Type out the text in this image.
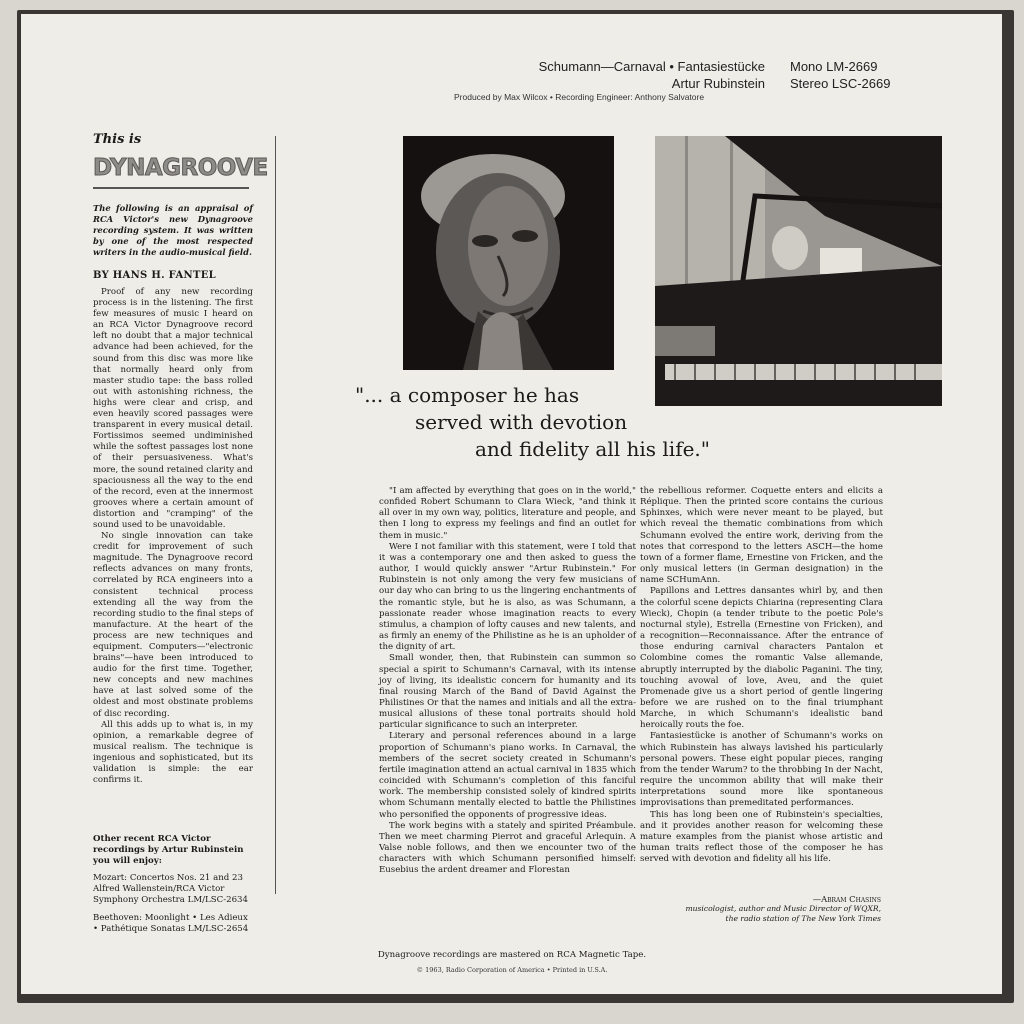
Schumann—Carnaval • Fantasiestücke
Artur Rubinstein
Mono LM-2669
Stereo LSC-2669
Produced by Max Wilcox • Recording Engineer: Anthony Salvatore

This is

DYNAGROOVE
The following is an appraisal of RCA Victor's new Dynagroove recording system. It was written by one of the most respected writers in the audio-musical field.
BY HANS H. FANTEL

Proof of any new recording process is in the listening. The first few measures of music I heard on an RCA Victor Dynagroove record left no doubt that a major technical advance had been achieved, for the sound from this disc was more like that normally heard only from master studio tape: the bass rolled out with astonishing richness, the highs were clear and crisp, and even heavily scored passages were transparent in every musical detail. Fortissimos seemed undiminished while the softest passages lost none of their persuasiveness. What's more, the sound retained clarity and spaciousness all the way to the end of the record, even at the innermost grooves where a certain amount of distortion and "cramping" of the sound used to be unavoidable.

No single innovation can take credit for improvement of such magnitude. The Dynagroove record reflects advances on many fronts, correlated by RCA engineers into a consistent technical process extending all the way from the recording studio to the final steps of manufacture. At the heart of the process are new techniques and equipment. Computers—"electronic brains"—have been introduced to audio for the first time. Together, new concepts and new machines have at last solved some of the oldest and most obstinate problems of disc recording.

All this adds up to what is, in my opinion, a remarkable degree of musical realism. The technique is ingenious and sophisticated, but its validation is simple: the ear confirms it.

Other recent RCA Victor recordings by Artur Rubinstein you will enjoy:
Mozart: Concertos Nos. 21 and 23 Alfred Wallenstein/RCA Victor Symphony Orchestra LM/LSC-2634
Beethoven: Moonlight • Les Adieux • Pathétique Sonatas LM/LSC-2654
"... a composer he has
served with devotion
and fidelity all his life."

"I am affected by everything that goes on in the world," confided Robert Schumann to Clara Wieck, "and think it all over in my own way, politics, literature and people, and then I long to express my feelings and find an outlet for them in music."

Were I not familiar with this statement, were I told that it was a contemporary one and then asked to guess the author, I would quickly answer "Artur Rubinstein." For Rubinstein is not only among the very few musicians of our day who can bring to us the lingering enchantments of the romantic style, but he is also, as was Schumann, a passionate reader whose imagination reacts to every stimulus, a champion of lofty causes and new talents, and as firmly an enemy of the Philistine as he is an upholder of the dignity of art.

Small wonder, then, that Rubinstein can summon so special a spirit to Schumann's Carnaval, with its intense joy of living, its idealistic concern for humanity and its final rousing March of the Band of David Against the Philistines Or that the names and initials and all the extra-musical allusions of these tonal portraits should hold particular significance to such an interpreter.

Literary and personal references abound in a large proportion of Schumann's piano works. In Carnaval, the members of the secret society created in Schumann's fertile imagination attend an actual carnival in 1835 which coincided with Schumann's completion of this fanciful work. The membership consisted solely of kindred spirits whom Schumann mentally elected to battle the Philistines who personified the opponents of progressive ideas.

The work begins with a stately and spirited Préambule. Then we meet charming Pierrot and graceful Arlequin. A Valse noble follows, and then we encounter two of the characters with which Schumann personified himself: Eusebius the ardent dreamer and Florestan

the rebellious reformer. Coquette enters and elicits a Réplique. Then the printed score contains the curious Sphinxes, which were never meant to be played, but which reveal the thematic combinations from which Schumann evolved the entire work, deriving from the notes that correspond to the letters ASCH—the home town of a former flame, Ernestine von Fricken, and the only musical letters (in German designation) in the name SCHumAnn.

Papillons and Lettres dansantes whirl by, and then the colorful scene depicts Chiarina (representing Clara Wieck), Chopin (a tender tribute to the poetic Pole's nocturnal style), Estrella (Ernestine von Fricken), and a recognition—Reconnaissance. After the entrance of those enduring carnival characters Pantalon et Colombine comes the romantic Valse allemande, abruptly interrupted by the diabolic Paganini. The tiny, touching avowal of love, Aveu, and the quiet Promenade give us a short period of gentle lingering before we are rushed on to the final triumphant Marche, in which Schumann's idealistic band heroically routs the foe.

Fantasiestücke is another of Schumann's works on which Rubinstein has always lavished his particularly personal powers. These eight popular pieces, ranging from the tender Warum? to the throbbing In der Nacht, require the uncommon ability that will make their interpretations sound more like spontaneous improvisations than premeditated performances.

This has long been one of Rubinstein's specialties, and it provides another reason for welcoming these mature examples from the pianist whose artistic and human traits reflect those of the composer he has served with devotion and fidelity all his life.

—Abram Chasins
musicologist, author and Music Director of WQXR,
the radio station of The New York Times
Dynagroove recordings are mastered on RCA Magnetic Tape.
© 1963, Radio Corporation of America • Printed in U.S.A.
